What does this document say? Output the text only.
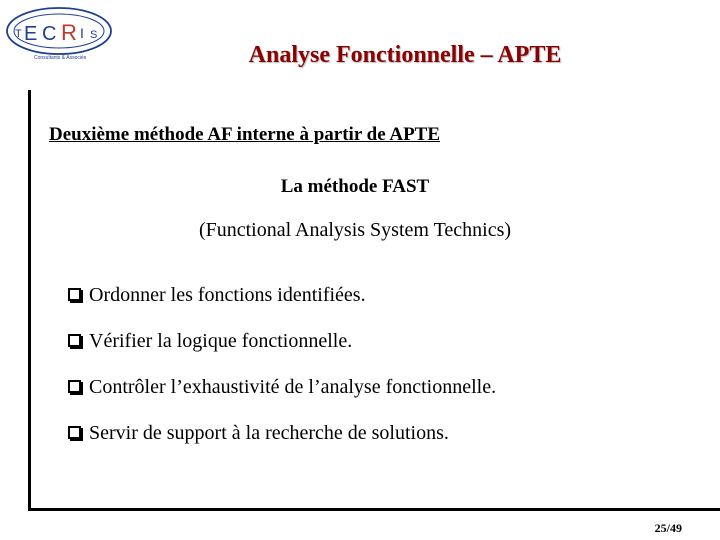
T E C R I S
Consultants & Associés	Analyse Fonctionnelle – APTE
Deuxième méthode AF interne à partir de APTE
La méthode FAST
(Functional Analysis System Technics)
Ordonner les fonctions identifiées.
Vérifier la logique fonctionnelle.
Contrôler l’exhaustivité de l’analyse fonctionnelle.
Servir de support à la recherche de solutions.
25/49
